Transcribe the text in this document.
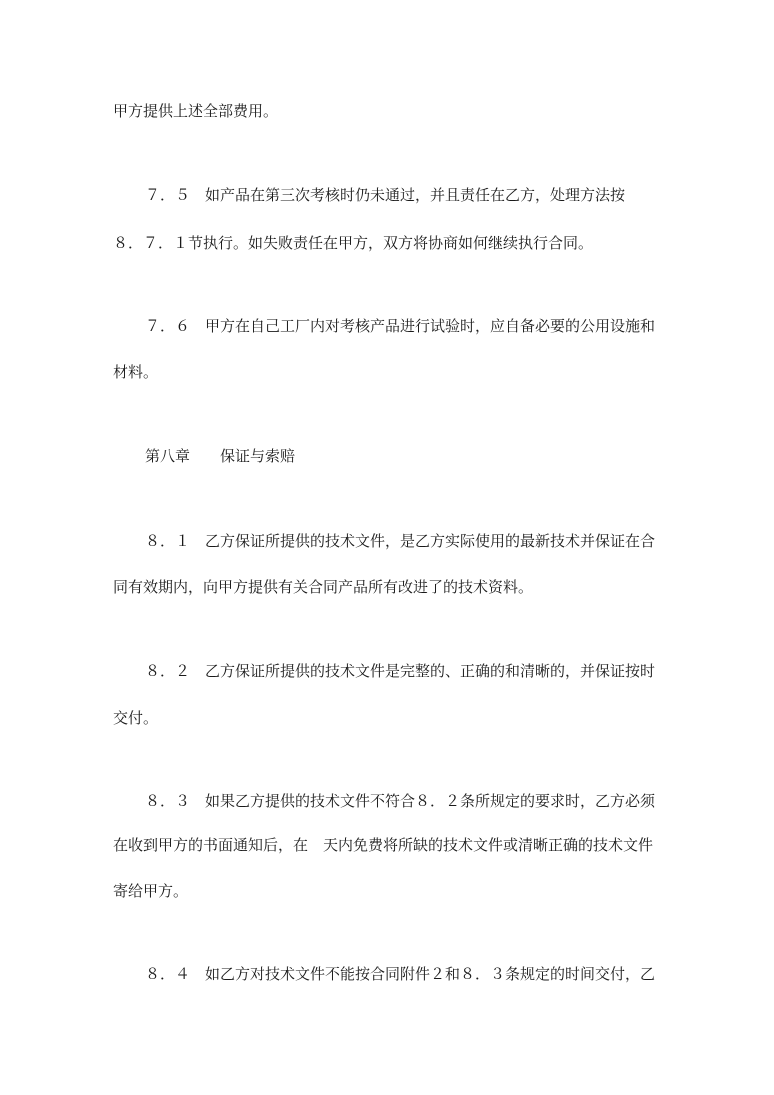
甲方提供上述全部费用。
７．５　如产品在第三次考核时仍未通过，并且责任在乙方，处理方法按
８．７．１节执行。如失败责任在甲方，双方将协商如何继续执行合同。
７．６　甲方在自己工厂内对考核产品进行试验时，应自备必要的公用设施和
材料。
第八章　　保证与索赔
８．１　乙方保证所提供的技术文件，是乙方实际使用的最新技术并保证在合
同有效期内，向甲方提供有关合同产品所有改进了的技术资料。
８．２　乙方保证所提供的技术文件是完整的、正确的和清晰的，并保证按时
交付。
８．３　如果乙方提供的技术文件不符合８．２条所规定的要求时，乙方必须
在收到甲方的书面通知后，在　天内免费将所缺的技术文件或清晰正确的技术文件
寄给甲方。
８．４　如乙方对技术文件不能按合同附件２和８．３条规定的时间交付，乙
